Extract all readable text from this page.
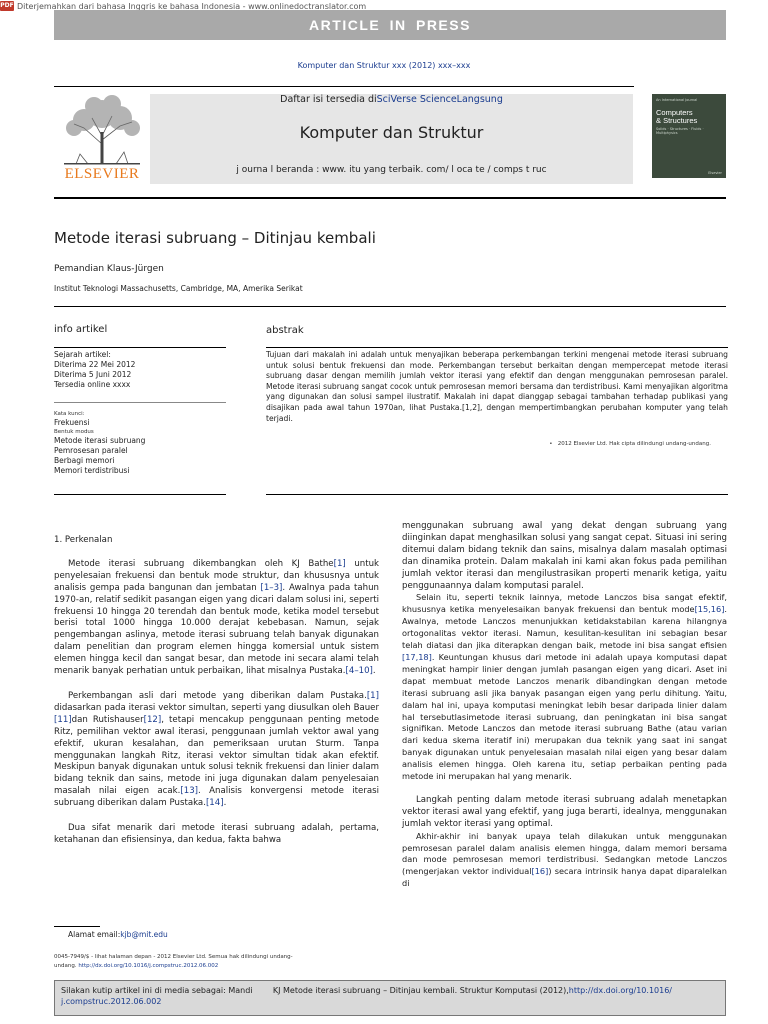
PDF Diterjemahkan dari bahasa Inggris ke bahasa Indonesia - www.onlinedoctranslator.com
ARTICLE IN PRESS
Komputer dan Struktur xxx (2012) xxx–xxx
ELSEVIER
Daftar isi tersedia diSciVerse ScienceLangsung
Komputer dan Struktur
j ourna l beranda : www. itu yang terbaik. com/ l oca te / comps t ruc
An International Journal
Computers
& Structures
Solids · Structures · Fluids · Multiphysics
Elsevier
Metode iterasi subruang – Ditinjau kembali
Pemandian Klaus-Jürgen
Institut Teknologi Massachusetts, Cambridge, MA, Amerika Serikat
info artikel
Sejarah artikel:
Diterima 22 Mei 2012
Diterima 5 Juni 2012
Tersedia online xxxx
Kata kunci:
Frekuensi
Bentuk modus
Metode iterasi subruang
Pemrosesan paralel
Berbagi memori
Memori terdistribusi
abstrak
Tujuan dari makalah ini adalah untuk menyajikan beberapa perkembangan terkini mengenai metode iterasi subruang untuk solusi bentuk frekuensi dan mode. Perkembangan tersebut berkaitan dengan mempercepat metode iterasi subruang dasar dengan memilih jumlah vektor iterasi yang efektif dan dengan menggunakan pemrosesan paralel. Metode iterasi subruang sangat cocok untuk pemrosesan memori bersama dan terdistribusi. Kami menyajikan algoritma yang digunakan dan solusi sampel ilustratif. Makalah ini dapat dianggap sebagai tambahan terhadap publikasi yang disajikan pada awal tahun 1970an, lihat Pustaka.[1,2], dengan mempertimbangkan perubahan komputer yang telah terjadi.
•   2012 Elsevier Ltd. Hak cipta dilindungi undang-undang.

1. Perkenalan

Metode iterasi subruang dikembangkan oleh KJ Bathe[1] untuk penyelesaian frekuensi dan bentuk mode struktur, dan khususnya untuk analisis gempa pada bangunan dan jembatan [1–3]. Awalnya pada tahun 1970-an, relatif sedikit pasangan eigen yang dicari dalam solusi ini, seperti frekuensi 10 hingga 20 terendah dan bentuk mode, ketika model tersebut berisi total 1000 hingga 10.000 derajat kebebasan. Namun, sejak pengembangan aslinya, metode iterasi subruang telah banyak digunakan dalam penelitian dan program elemen hingga komersial untuk sistem elemen hingga kecil dan sangat besar, dan metode ini secara alami telah menarik banyak perhatian untuk perbaikan, lihat misalnya Pustaka.[4–10].

Perkembangan asli dari metode yang diberikan dalam Pustaka.[1] didasarkan pada iterasi vektor simultan, seperti yang diusulkan oleh Bauer [11]dan Rutishauser[12], tetapi mencakup penggunaan penting metode Ritz, pemilihan vektor awal iterasi, penggunaan jumlah vektor awal yang efektif, ukuran kesalahan, dan pemeriksaan urutan Sturm. Tanpa menggunakan langkah Ritz, iterasi vektor simultan tidak akan efektif. Meskipun banyak digunakan untuk solusi teknik frekuensi dan linier dalam bidang teknik dan sains, metode ini juga digunakan dalam penyelesaian masalah nilai eigen acak.[13]. Analisis konvergensi metode iterasi subruang diberikan dalam Pustaka.[14].

Dua sifat menarik dari metode iterasi subruang adalah, pertama, ketahanan dan efisiensinya, dan kedua, fakta bahwa

menggunakan subruang awal yang dekat dengan subruang yang diinginkan dapat menghasilkan solusi yang sangat cepat. Situasi ini sering ditemui dalam bidang teknik dan sains, misalnya dalam masalah optimasi dan dinamika protein. Dalam makalah ini kami akan fokus pada pemilihan jumlah vektor iterasi dan mengilustrasikan properti menarik ketiga, yaitu penggunaannya dalam komputasi paralel.

Selain itu, seperti teknik lainnya, metode Lanczos bisa sangat efektif, khususnya ketika menyelesaikan banyak frekuensi dan bentuk mode[15,16]. Awalnya, metode Lanczos menunjukkan ketidakstabilan karena hilangnya ortogonalitas vektor iterasi. Namun, kesulitan-kesulitan ini sebagian besar telah diatasi dan jika diterapkan dengan baik, metode ini bisa sangat efisien [17,18]. Keuntungan khusus dari metode ini adalah upaya komputasi dapat meningkat hampir linier dengan jumlah pasangan eigen yang dicari. Aset ini dapat membuat metode Lanczos menarik dibandingkan dengan metode iterasi subruang asli jika banyak pasangan eigen yang perlu dihitung. Yaitu, dalam hal ini, upaya komputasi meningkat lebih besar daripada linier dalam hal tersebutlasimetode iterasi subruang, dan peningkatan ini bisa sangat signifikan. Metode Lanczos dan metode iterasi subruang Bathe (atau varian dari kedua skema iteratif ini) merupakan dua teknik yang saat ini sangat banyak digunakan untuk penyelesaian masalah nilai eigen yang besar dalam analisis elemen hingga. Oleh karena itu, setiap perbaikan penting pada metode ini merupakan hal yang menarik.

Langkah penting dalam metode iterasi subruang adalah menetapkan vektor iterasi awal yang efektif, yang juga berarti, idealnya, menggunakan jumlah vektor iterasi yang optimal.

Akhir-akhir ini banyak upaya telah dilakukan untuk menggunakan pemrosesan paralel dalam analisis elemen hingga, dalam memori bersama dan mode pemrosesan memori terdistribusi. Sedangkan metode Lanczos (mengerjakan vektor individual[16]) secara intrinsik hanya dapat diparalelkan di

Alamat email:kjb@mit.edu
0045-7949/$ - lihat halaman depan - 2012 Elsevier Ltd. Semua hak dilindungi undang-
undang. http://dx.doi.org/10.1016/j.compstruc.2012.06.002
Silakan kutip artikel ini di media sebagai: Mandi        KJ Metode iterasi subruang – Ditinjau kembali. Struktur Komputasi (2012),http://dx.doi.org/10.1016/ j.compstruc.2012.06.002
